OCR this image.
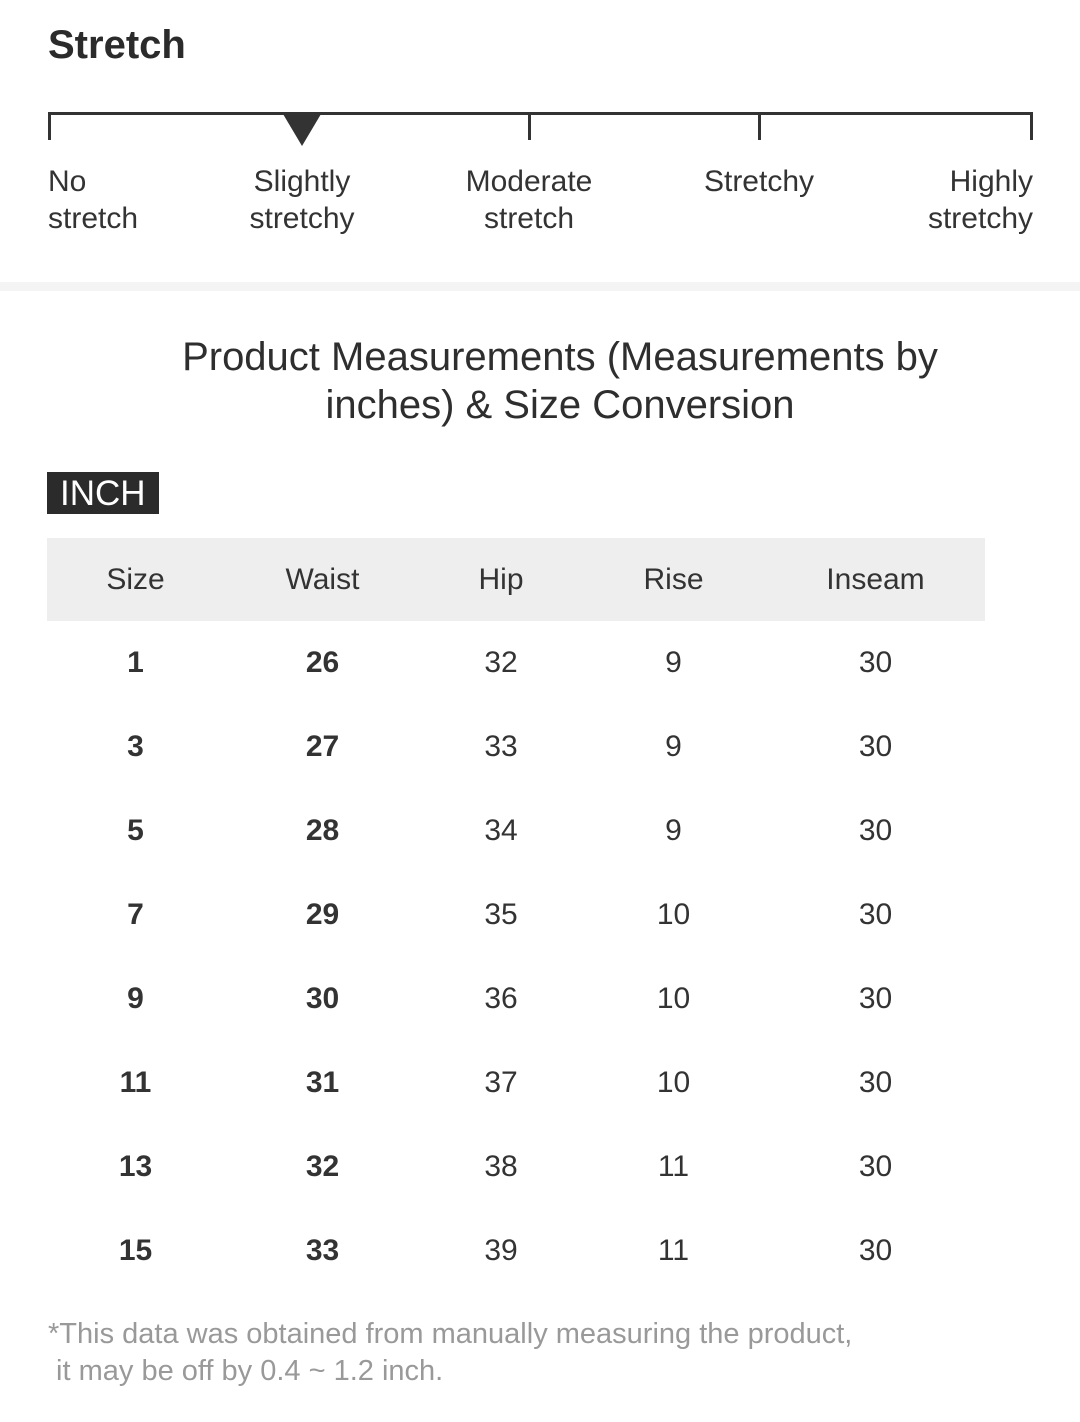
Stretch
No
stretch
Slightly
stretchy
Moderate
stretch
Stretchy	Highly
stretchy
Product Measurements (Measurements by
inches) & Size Conversion
INCH
Size	Waist	Hip	Rise	Inseam
1	26	32	9	30
3	27	33	9	30
5	28	34	9	30
7	29	35	10	30
9	30	36	10	30
11	31	37	10	30
13	32	38	11	30
15	33	39	11	30
*This data was obtained from manually measuring the product,
it may be off by 0.4 ~ 1.2 inch.
